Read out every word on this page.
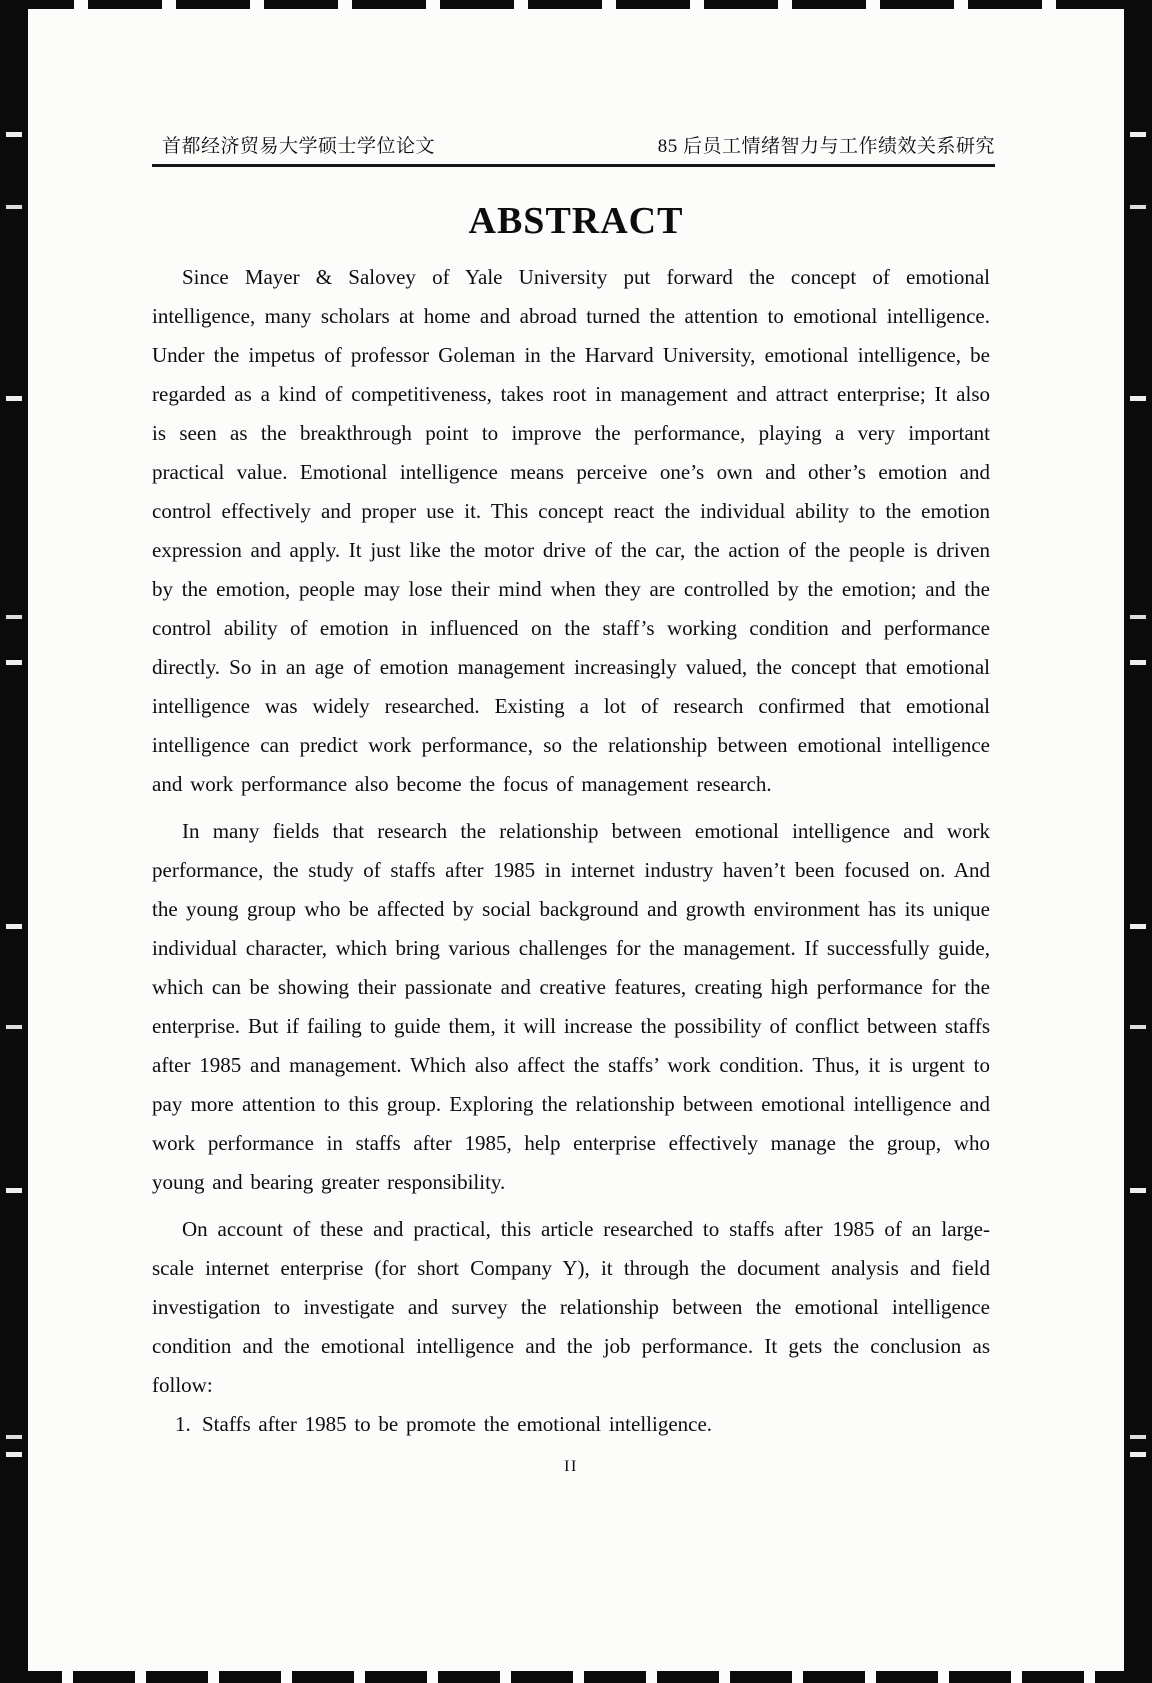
首都经济贸易大学硕士学位论文	85 后员工情绪智力与工作绩效关系研究
ABSTRACT

Since Mayer & Salovey of Yale University put forward the concept of emotional intelligence, many scholars at home and abroad turned the attention to emotional intelligence. Under the impetus of professor Goleman in the Harvard University, emotional intelligence, be regarded as a kind of competitiveness, takes root in management and attract enterprise; It also is seen as the breakthrough point to improve the performance, playing a very important practical value. Emotional intelligence means perceive one’s own and other’s emotion and control effectively and proper use it. This concept react the individual ability to the emotion expression and apply. It just like the motor drive of the car, the action of the people is driven by the emotion, people may lose their mind when they are controlled by the emotion; and the control ability of emotion in influenced on the staff’s working condition and performance directly. So in an age of emotion management increasingly valued, the concept that emotional intelligence was widely researched. Existing a lot of research confirmed that emotional intelligence can predict work performance, so the relationship between emotional intelligence and work performance also become the focus of management research.

In many fields that research the relationship between emotional intelligence and work performance, the study of staffs after 1985 in internet industry haven’t been focused on. And the young group who be affected by social background and growth environment has its unique individual character, which bring various challenges for the management. If successfully guide, which can be showing their passionate and creative features, creating high performance for the enterprise. But if failing to guide them, it will increase the possibility of conflict between staffs after 1985 and management. Which also affect the staffs’ work condition. Thus, it is urgent to pay more attention to this group. Exploring the relationship between emotional intelligence and work performance in staffs after 1985, help enterprise effectively manage the group, who young and bearing greater responsibility.

On account of these and practical, this article researched to staffs after 1985 of an large-scale internet enterprise (for short Company Y), it through the document analysis and field investigation to investigate and survey the relationship between the emotional intelligence condition and the emotional intelligence and the job performance. It gets the conclusion as follow:

1. Staffs after 1985 to be promote the emotional intelligence.
II
